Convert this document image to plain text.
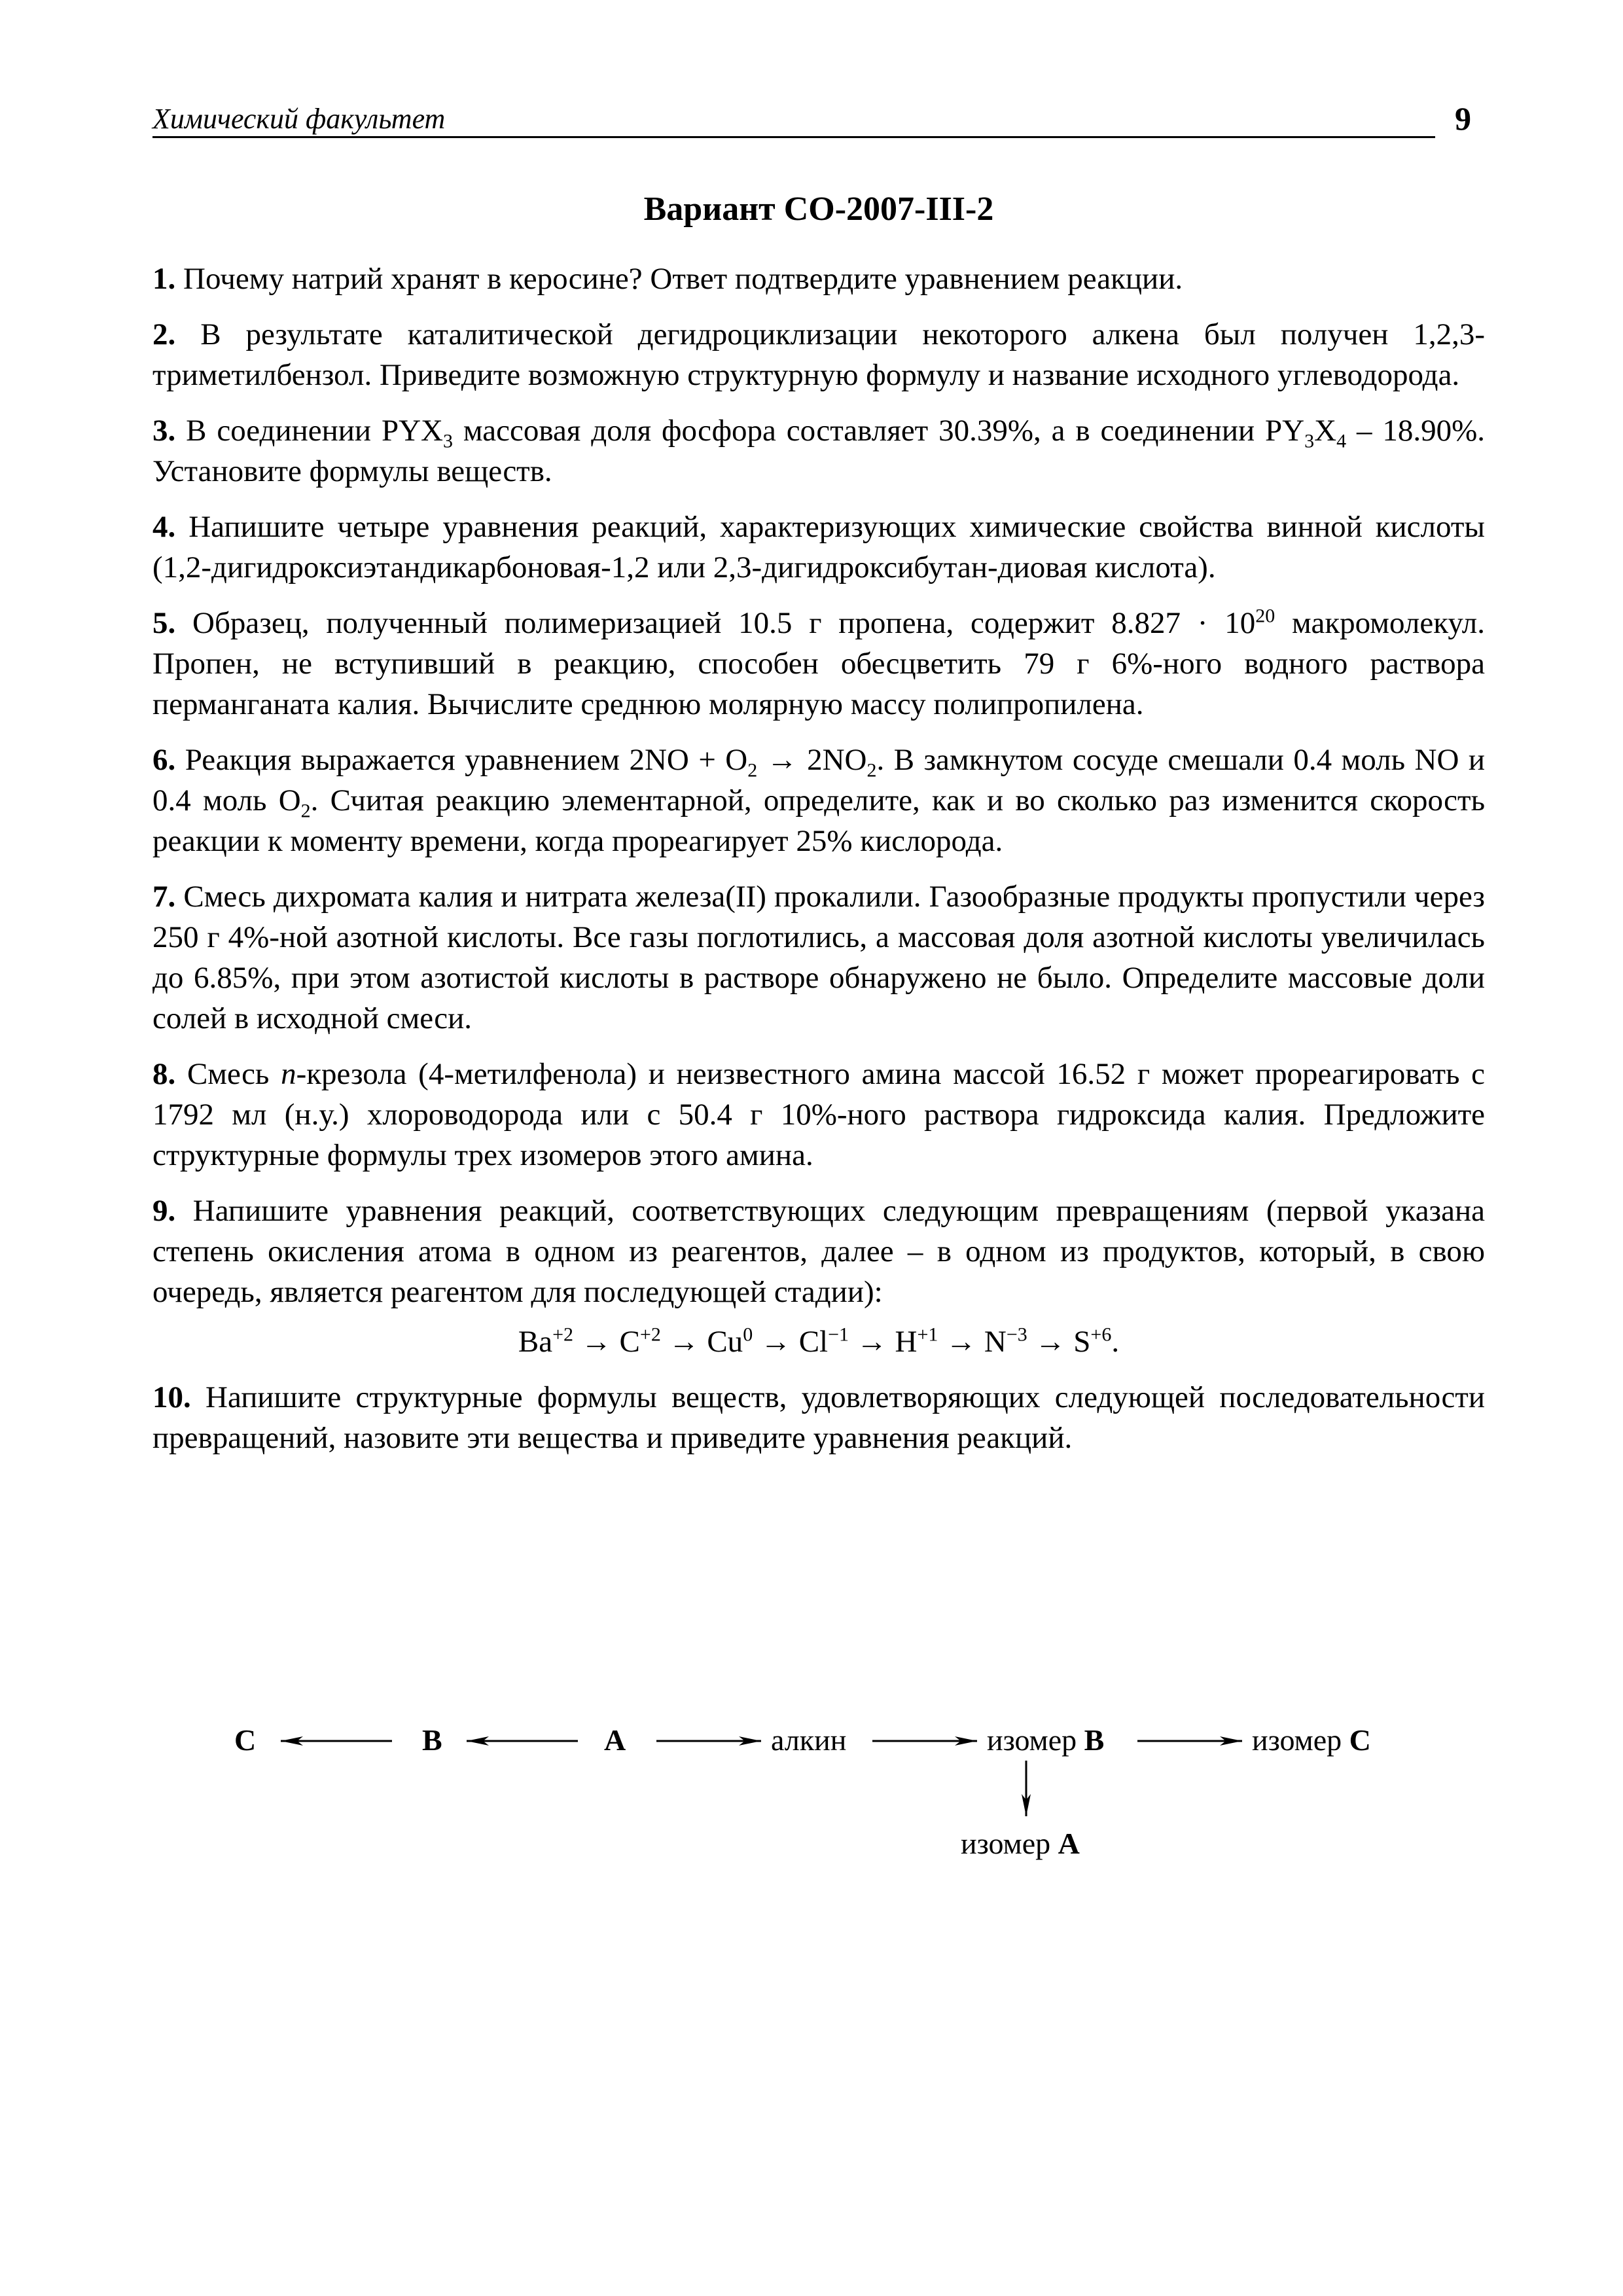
Химический факультет	9
Вариант СО-2007-III-2

1. Почему натрий хранят в керосине? Ответ подтвердите уравнением реакции.

2. В результате каталитической дегидроциклизации некоторого алкена был получен 1,2,3-триметилбензол. Приведите возможную структурную формулу и название исходного углеводорода.

3. В соединении $PYX_3$ массовая доля фосфора составляет 30.39%, а в соединении $PY_3X_4 - 18.90\%$. Установите формулы веществ.

4. Напишите четыре уравнения реакций, характеризующих химические свойства винной кислоты (1,2-дигидроксиэтандикарбоновая-1,2 или 2,3-дигидроксибутан-диовая кислота).

5. Образец, полученный полимеризацией 10.5 г пропена, содержит $8.827 \cdot 10^{20}$ макромолекул. Пропен, не вступивший в реакцию, способен обесцветить 79 г 6%-ного водного раствора перманганата калия. Вычислите среднюю молярную массу полипропилена.

6. Реакция выражается уравнением $2NO + O_2 \to 2NO_2$. В замкнутом сосуде смешали 0.4 моль NO и 0.4 моль $O_2$. Считая реакцию элементарной, определите, как и во сколько раз изменится скорость реакции к моменту времени, когда прореагирует 25% кислорода.

7. Смесь дихромата калия и нитрата железа(II) прокалили. Газообразные продукты пропустили через 250 г 4%-ной азотной кислоты. Все газы поглотились, а массовая доля азотной кислоты увеличилась до 6.85%, при этом азотистой кислоты в растворе обнаружено не было. Определите массовые доли солей в исходной смеси.

8. Смесь п-крезола (4-метилфенола) и неизвестного амина массой 16.52 г может прореагировать с 1792 мл (н.у.) хлороводорода или с 50.4 г 10%-ного раствора гидроксида калия. Предложите структурные формулы трех изомеров этого амина.

9. Напишите уравнения реакций, соответствующих следующим превращениям (первой указана степень окисления атома в одном из реагентов, далее – в одном из продуктов, который, в свою очередь, является реагентом для последующей стадии):
$Ba^{+2} \to C^{+2} \to Cu^0 \to Cl^{-1} \to H^{+1} \to N^{-3} \to S^{+6}$.

10. Напишите структурные формулы веществ, удовлетворяющих следующей последовательности превращений, назовите эти вещества и приведите уравнения реакций.

C	B	A	алкин	изомер B	изомер C
изомер A
